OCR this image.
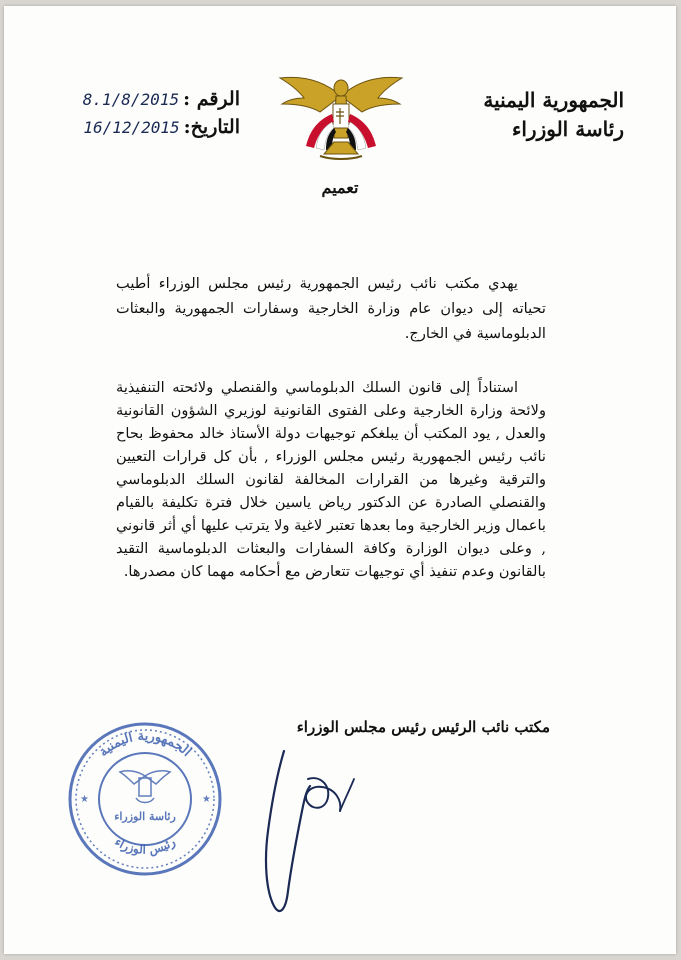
الجمهورية اليمنية
رئاسة الوزراء
الرقم :
8.1/8/2015
التاريخ:
16/12/2015
تعميم
يهدي مكتب نائب رئيس الجمهورية رئيس مجلس الوزراء أطيب تحياته إلى ديوان عام وزارة الخارجية وسفارات الجمهورية والبعثات الدبلوماسية في الخارج.
استناداً إلى قانون السلك الدبلوماسي والقنصلي ولائحته التنفيذية ولائحة وزارة الخارجية وعلى الفتوى القانونية لوزيري الشؤون القانونية والعدل , يود المكتب أن يبلغكم توجيهات دولة الأستاذ خالد محفوظ بحاح نائب رئيس الجمهورية رئيس مجلس الوزراء , بأن كل قرارات التعيين والترقية وغيرها من القرارات المخالفة لقانون السلك الدبلوماسي والقنصلي الصادرة عن الدكتور رياض ياسين خلال فترة تكليفة بالقيام باعمال وزير الخارجية وما بعدها تعتبر لاغية ولا يترتب عليها أي أثر قانوني , وعلى ديوان الوزارة وكافة السفارات والبعثات الدبلوماسية التقيد بالقانون وعدم تنفيذ أي توجيهات تتعارض مع أحكامه مهما كان مصدرها.
مكتب نائب الرئيس رئيس مجلس الوزراء
الجمهورية اليمنية
رئيس الوزراء
رئاسة الوزراء
★	★
